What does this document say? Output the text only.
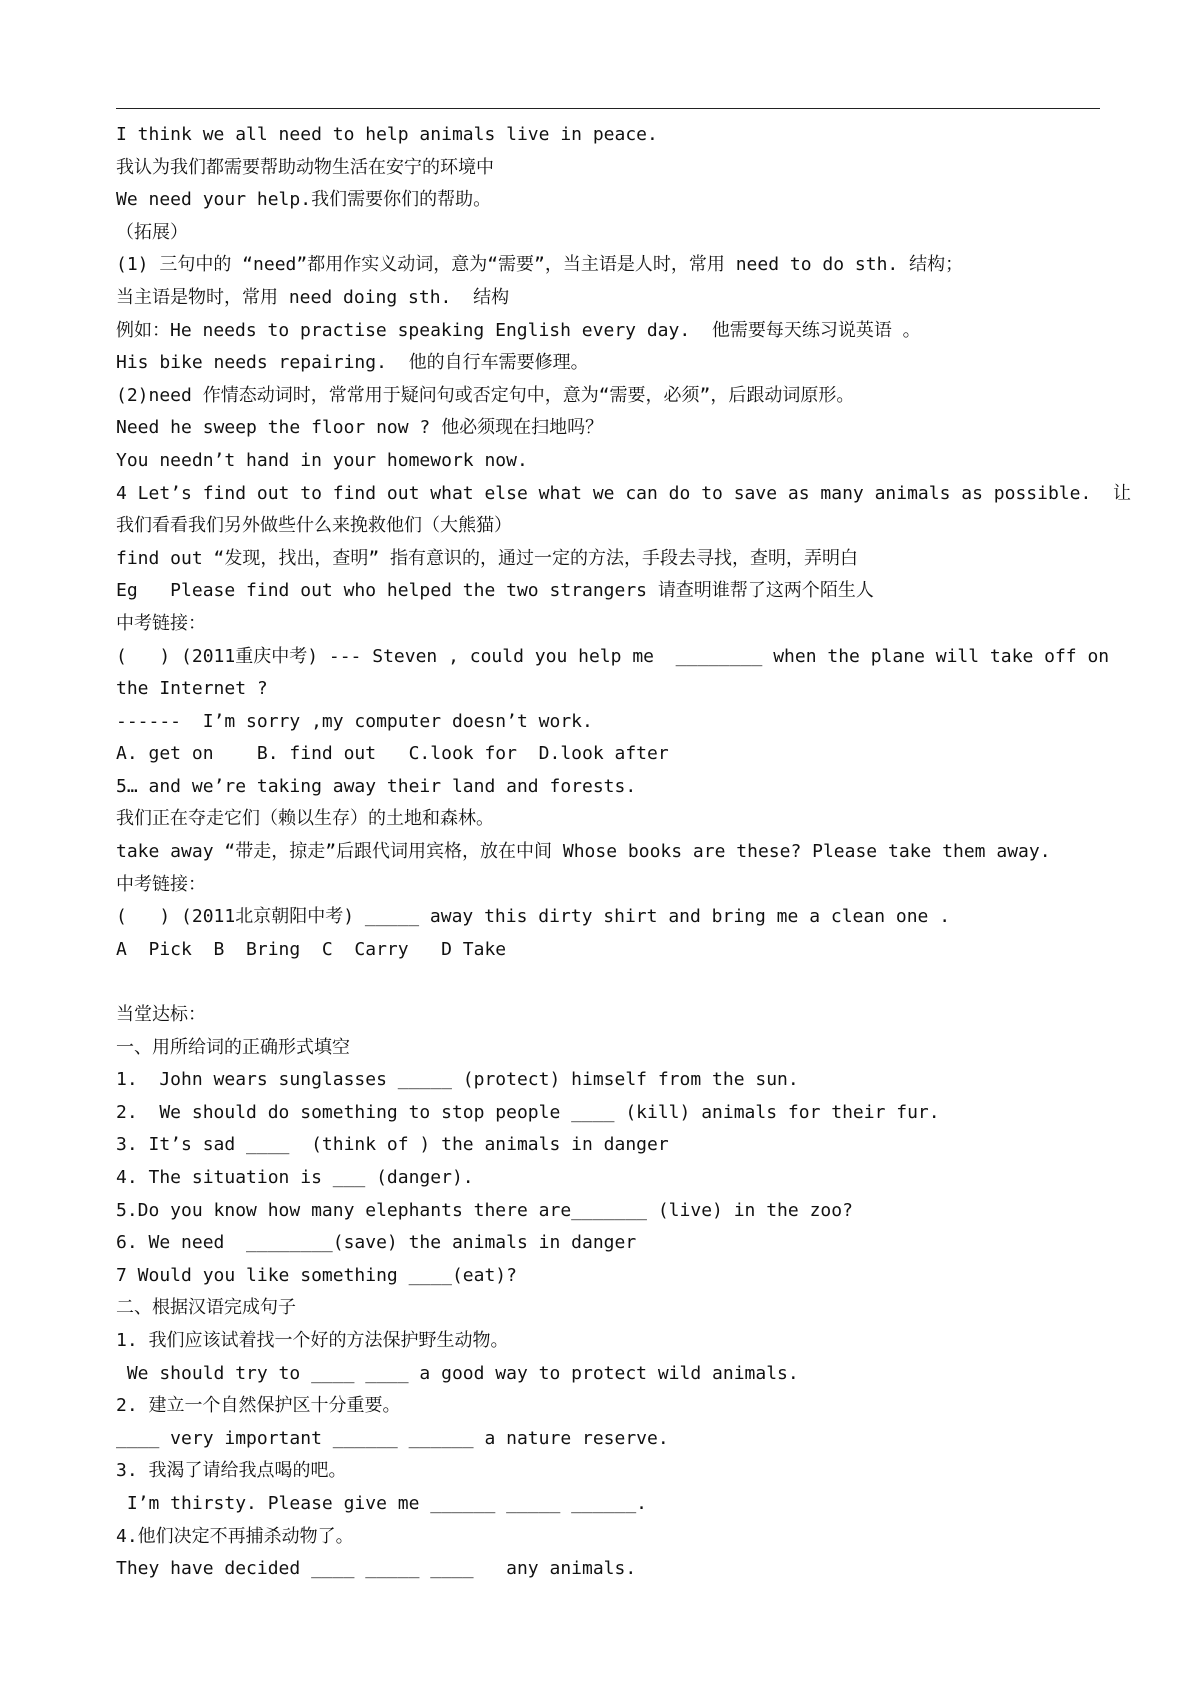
I think we all need to help animals live in peace.
我认为我们都需要帮助动物生活在安宁的环境中
We need your help.我们需要你们的帮助。
（拓展）
(1) 三句中的 “need”都用作实义动词，意为“需要”，当主语是人时，常用 need to do sth. 结构；
当主语是物时，常用 need doing sth.  结构
例如：He needs to practise speaking English every day.  他需要每天练习说英语 。
His bike needs repairing.  他的自行车需要修理。
(2)need 作情态动词时，常常用于疑问句或否定句中，意为“需要，必须”，后跟动词原形。
Need he sweep the floor now ? 他必须现在扫地吗？
You needn’t hand in your homework now.
4 Let’s find out to find out what else what we can do to save as many animals as possible.  让
我们看看我们另外做些什么来挽救他们（大熊猫）
find out “发现，找出，查明” 指有意识的，通过一定的方法，手段去寻找，查明，弄明白
Eg   Please find out who helped the two strangers 请查明谁帮了这两个陌生人
中考链接：
(   ) (2011重庆中考) --- Steven , could you help me  ________ when the plane will take off on
the Internet ?
------  I’m sorry ,my computer doesn’t work.
A. get on    B. find out   C.look for  D.look after
5… and we’re taking away their land and forests.
我们正在夺走它们（赖以生存）的土地和森林。
take away “带走，掠走”后跟代词用宾格，放在中间 Whose books are these? Please take them away.
中考链接：
(   ) (2011北京朝阳中考) _____ away this dirty shirt and bring me a clean one .
A  Pick  B  Bring  C  Carry   D Take
当堂达标：
一、用所给词的正确形式填空
1.  John wears sunglasses _____ (protect) himself from the sun.
2.  We should do something to stop people ____ (kill) animals for their fur.
3. It’s sad ____  (think of ) the animals in danger
4. The situation is ___ (danger).
5.Do you know how many elephants there are_______ (live) in the zoo?
6. We need  ________(save) the animals in danger
7 Would you like something ____(eat)?
二、根据汉语完成句子
1. 我们应该试着找一个好的方法保护野生动物。
We should try to ____ ____ a good way to protect wild animals.
2. 建立一个自然保护区十分重要。
____ very important ______ ______ a nature reserve.
3. 我渴了请给我点喝的吧。
I’m thirsty. Please give me ______ _____ ______.
4.他们决定不再捕杀动物了。
They have decided ____ _____ ____   any animals.
